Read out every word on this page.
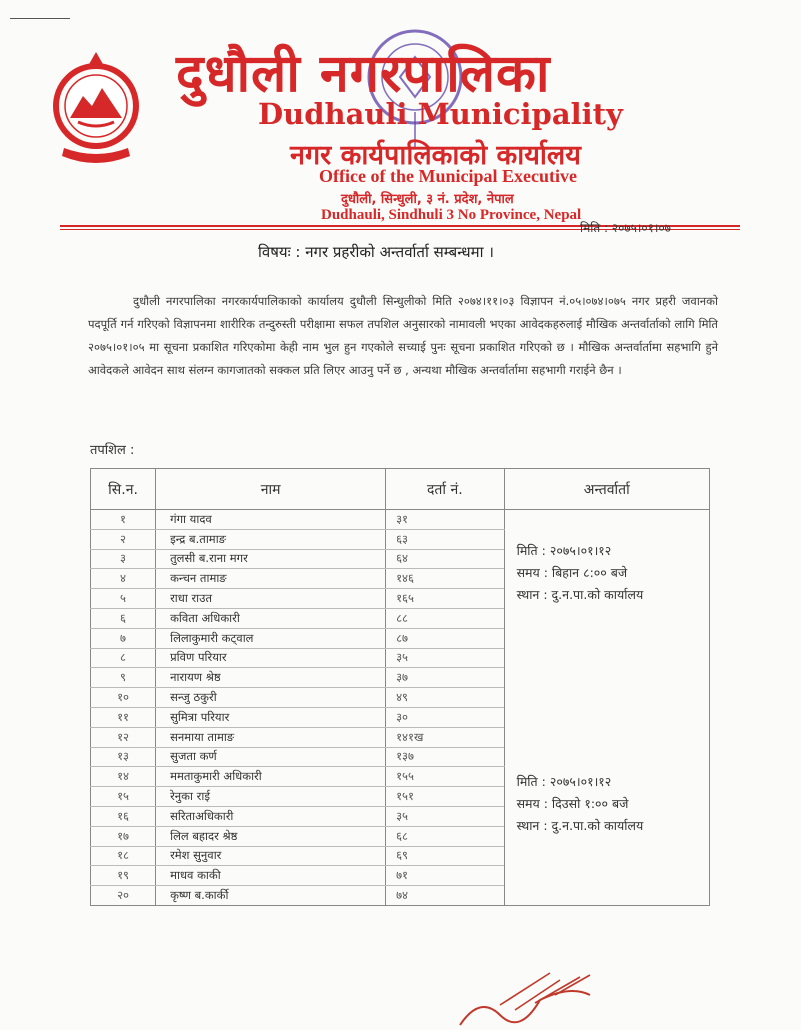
दुधौली नगरपालिका
Dudhauli Municipality
नगर कार्यपालिकाको कार्यालय
Office of the Municipal Executive
दुधौली, सिन्धुली, ३ नं. प्रदेश, नेपाल
Dudhauli, Sindhuli 3 No Province, Nepal
मिति : २०७५।०१।०७
विषयः : नगर प्रहरीको अन्तर्वार्ता सम्बन्धमा ।
दुधौली नगरपालिका नगरकार्यपालिकाको कार्यालय दुधौली सिन्धुलीको मिति २०७४।११।०३ विज्ञापन नं.०५।०७४।०७५ नगर प्रहरी जवानको पदपूर्ति गर्न गरिएको विज्ञापनमा शारीरिक तन्दुरुस्ती परीक्षामा सफल तपशिल अनुसारको नामावली भएका आवेदकहरुलाई मौखिक अन्तर्वार्ताको लागि मिति २०७५।०१।०५ मा सूचना प्रकाशित गरिएकोमा केही नाम भुल हुन गएकोले सच्याई पुनः सूचना प्रकाशित गरिएको छ । मौखिक अन्तर्वार्तामा सहभागि हुने आवेदकले आवेदन साथ संलग्न कागजातको सक्कल प्रति लिएर आउनु पर्ने छ , अन्यथा मौखिक अन्तर्वार्तामा सहभागी गराईने छैन ।
तपशिल :
सि.न.	नाम	दर्ता नं.	अन्तर्वार्ता
१	गंगा यादव	३१	मिति : २०७५।०१।१२
समय : बिहान ८:०० बजे
स्थान : दु.न.पा.को कार्यालय

२	इन्द्र ब.तामाङ	६३	
३	तुलसी ब.राना मगर	६४	
४	कन्चन तामाङ	१४६	
५	राधा राउत	१६५	
६	कविता अधिकारी	८८	
७	लिलाकुमारी कट्वाल	८७	
८	प्रविण परियार	३५	
९	नारायण श्रेष्ठ	३७	
१०	सन्जु ठकुरी	४९	
११	सुमित्रा परियार	३०	
१२	सनमाया तामाङ	१४१ख	
१३	सुजता कर्ण	१३७	मिति : २०७५।०१।१२
समय : दिउसो १:०० बजे
स्थान : दु.न.पा.को कार्यालय

१४	ममताकुमारी अधिकारी	१५५	
१५	रेनुका राई	१५१	
१६	सरिताअधिकारी	३५	
१७	लिल बहादर श्रेष्ठ	६८	
१८	रमेश सुनुवार	६९	
१९	माधव काकी	७१	
२०	कृष्ण ब.कार्की	७४	
